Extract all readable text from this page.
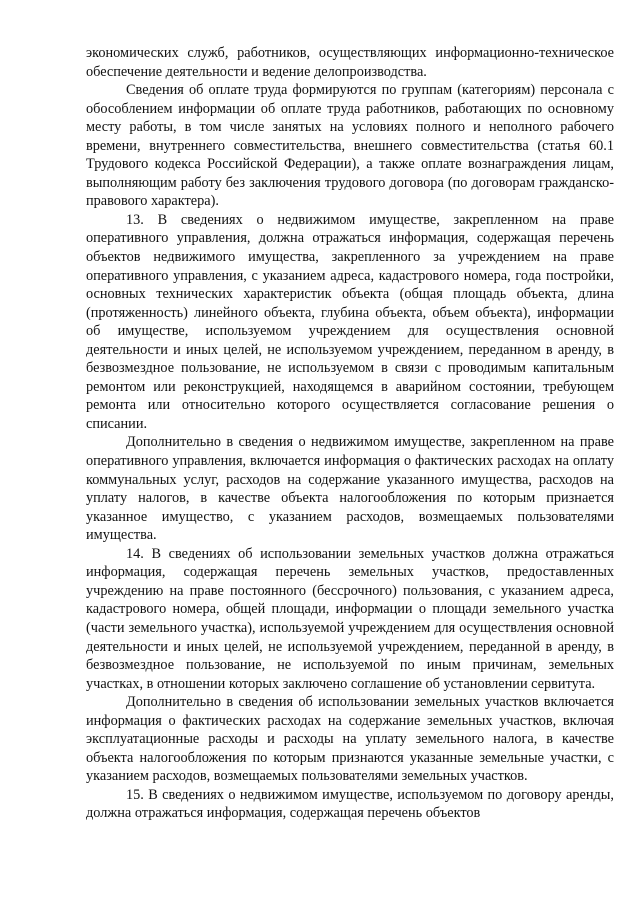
экономических служб, работников, осуществляющих информационно-техническое обеспечение деятельности и ведение делопроизводства.

Сведения об оплате труда формируются по группам (категориям) персонала с обособлением информации об оплате труда работников, работающих по основному месту работы, в том числе занятых на условиях полного и неполного рабочего времени, внутреннего совместительства, внешнего совместительства (статья 60.1 Трудового кодекса Российской Федерации), а также оплате вознаграждения лицам, выполняющим работу без заключения трудового договора (по договорам гражданско-правового характера).

13. В сведениях о недвижимом имуществе, закрепленном на праве оперативного управления, должна отражаться информация, содержащая перечень объектов недвижимого имущества, закрепленного за учреждением на праве оперативного управления, с указанием адреса, кадастрового номера, года постройки, основных технических характеристик объекта (общая площадь объекта, длина (протяженность) линейного объекта, глубина объекта, объем объекта), информации об имуществе, используемом учреждением для осуществления основной деятельности и иных целей, не используемом учреждением, переданном в аренду, в безвозмездное пользование, не используемом в связи с проводимым капитальным ремонтом или реконструкцией, находящемся в аварийном состоянии, требующем ремонта или относительно которого осуществляется согласование решения о списании.

Дополнительно в сведения о недвижимом имуществе, закрепленном на праве оперативного управления, включается информация о фактических расходах на оплату коммунальных услуг, расходов на содержание указанного имущества, расходов на уплату налогов, в качестве объекта налогообложения по которым признается указанное имущество, с указанием расходов, возмещаемых пользователями имущества.

14. В сведениях об использовании земельных участков должна отражаться информация, содержащая перечень земельных участков, предоставленных учреждению на праве постоянного (бессрочного) пользования, с указанием адреса, кадастрового номера, общей площади, информации о площади земельного участка (части земельного участка), используемой учреждением для осуществления основной деятельности и иных целей, не используемой учреждением, переданной в аренду, в безвозмездное пользование, не используемой по иным причинам, земельных участках, в отношении которых заключено соглашение об установлении сервитута.

Дополнительно в сведения об использовании земельных участков включается информация о фактических расходах на содержание земельных участков, включая эксплуатационные расходы и расходы на уплату земельного налога, в качестве объекта налогообложения по которым признаются указанные земельные участки, с указанием расходов, возмещаемых пользователями земельных участков.

15. В сведениях о недвижимом имуществе, используемом по договору аренды, должна отражаться информация, содержащая перечень объектов
